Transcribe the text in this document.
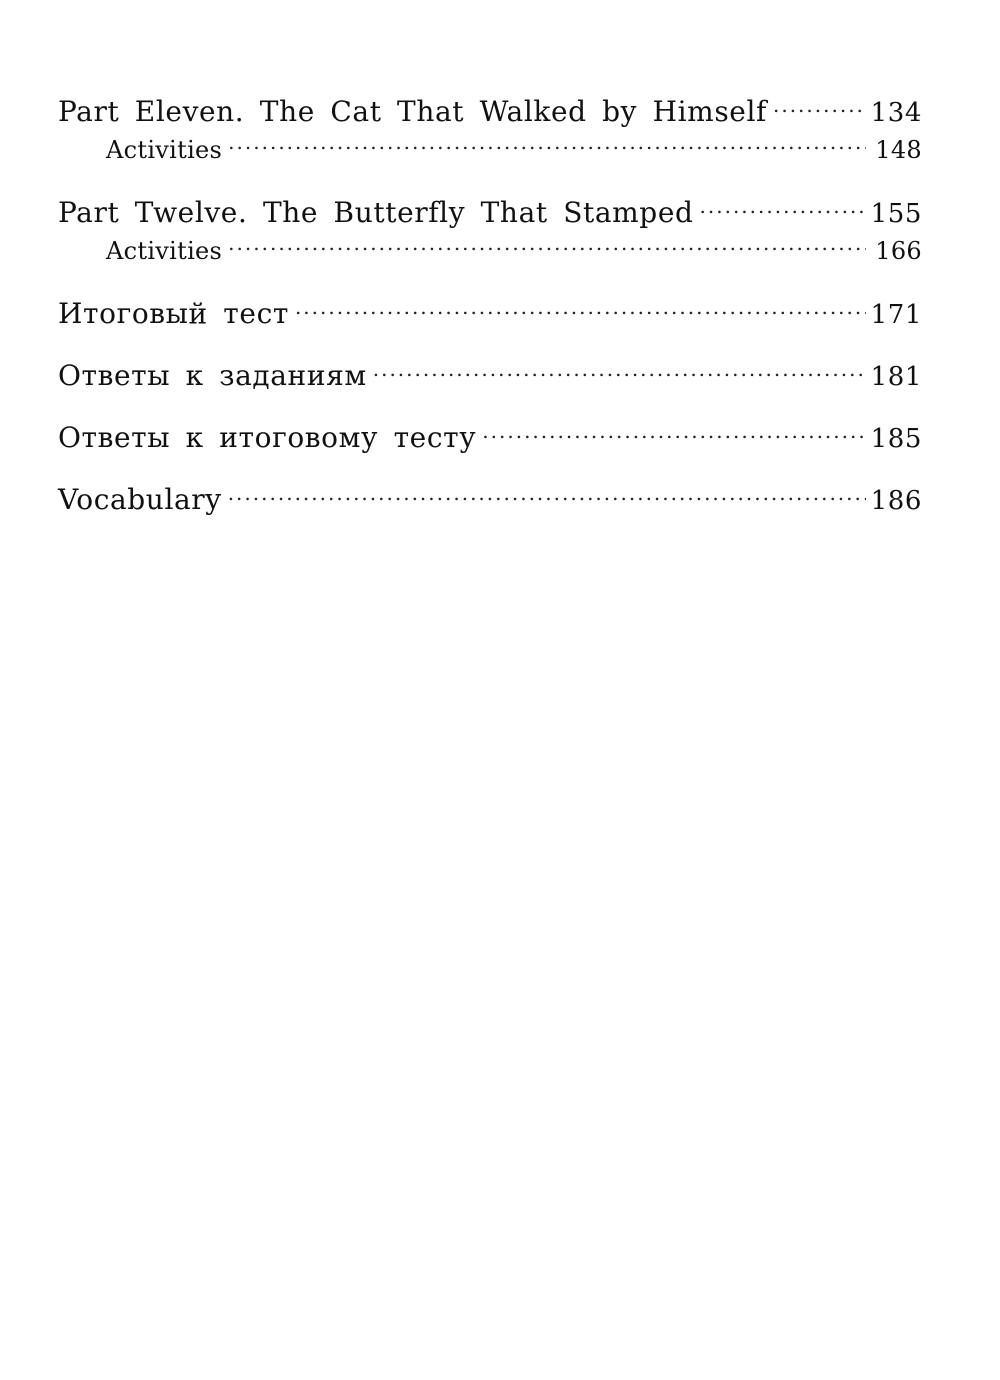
Part Eleven. The Cat That Walked by Himself .....	134
Activities .....	148
Part Twelve. The Butterfly That Stamped .....	155
Activities .....	166
Итоговый тест .....	171
Ответы к заданиям .....	181
Ответы к итоговому тесту .....	185
Vocabulary .....	186
